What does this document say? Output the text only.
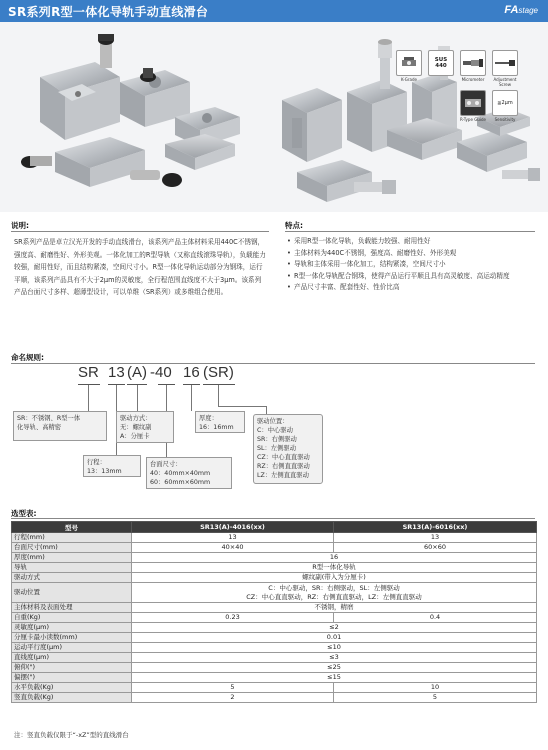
SR系列R型一体化导轨手动直线滑台	FAstage
K-Grade
SUS 440
Micrometer	Adjustment Screw
R-Type Guide
≦2μm
Sensitivity
说明:
SR系列产品是卓立汉光开发的手动直线滑台，该系列产品主体材料采用440C不锈钢，强度高、耐磨性好、外形美观。一体化加工的R型导轨（又称直线滚珠导轨），负载能力较强，耐用性好，而且结构紧凑，空间尺寸小。R型一体化导轨运动部分为钢珠，运行平顺，该系列产品具有不大于2μm的灵敏度，全行程范围直线度不大于3μm。该系列产品台面尺寸多样、超薄型设计，可以单维（SR系列）或多维组合使用。
特点:
• 采用R型一体化导轨，负载能力较强、耐用性好
• 主体材料为440C不锈钢，强度高、耐磨性好、外形美观
• 导轨和主体采用一体化加工，结构紧凑，空间尺寸小
• R型一体化导轨配合钢珠，使得产品运行平顺且具有高灵敏度、高运动精度
• 产品尺寸丰富、配套性好、性价比高
命名规则:
SR 13 (A) -40 16 (SR)
SR：不锈钢、R型一体
化导轨、高精密
行程：
13：13mm
驱动方式：
无：螺纹副
A：分厘卡
台面尺寸：
40：40mm×40mm
60：60mm×60mm
厚度：
16：16mm
驱动位置：
C：中心驱动
SR：右侧驱动
SL：左侧驱动
CZ：中心直直驱动
RZ：右侧直直驱动
LZ：左侧直直驱动
选型表:
型号	SR13(A)-4016(xx)	SR13(A)-6016(xx)
行程(mm)	13	13
台面尺寸(mm)	40×40	60×60
厚度(mm)	16	
导轨	R型一体化导轨	
驱动方式	螺纹副(带入为分厘卡)	
驱动位置	C：中心驱动，SR：右侧驱动，SL：左侧驱动
CZ：中心直直驱动，RZ：右侧直直驱动，LZ：左侧直直驱动	

主体材料及表面处理	不锈钢，精磨	
自重(Kg)	0.23	0.4
灵敏度(μm)	≤2	
分厘卡最小读数(mm)	0.01	
运动平行度(μm)	≤10	
直线度(μm)	≤3	
俯仰(")	≤25	
偏摆(")	≤15	
水平负载(Kg)	5	10
竖直负载(Kg)	2	5
注：竖直负载仅限于“-xZ”型的直线滑台
